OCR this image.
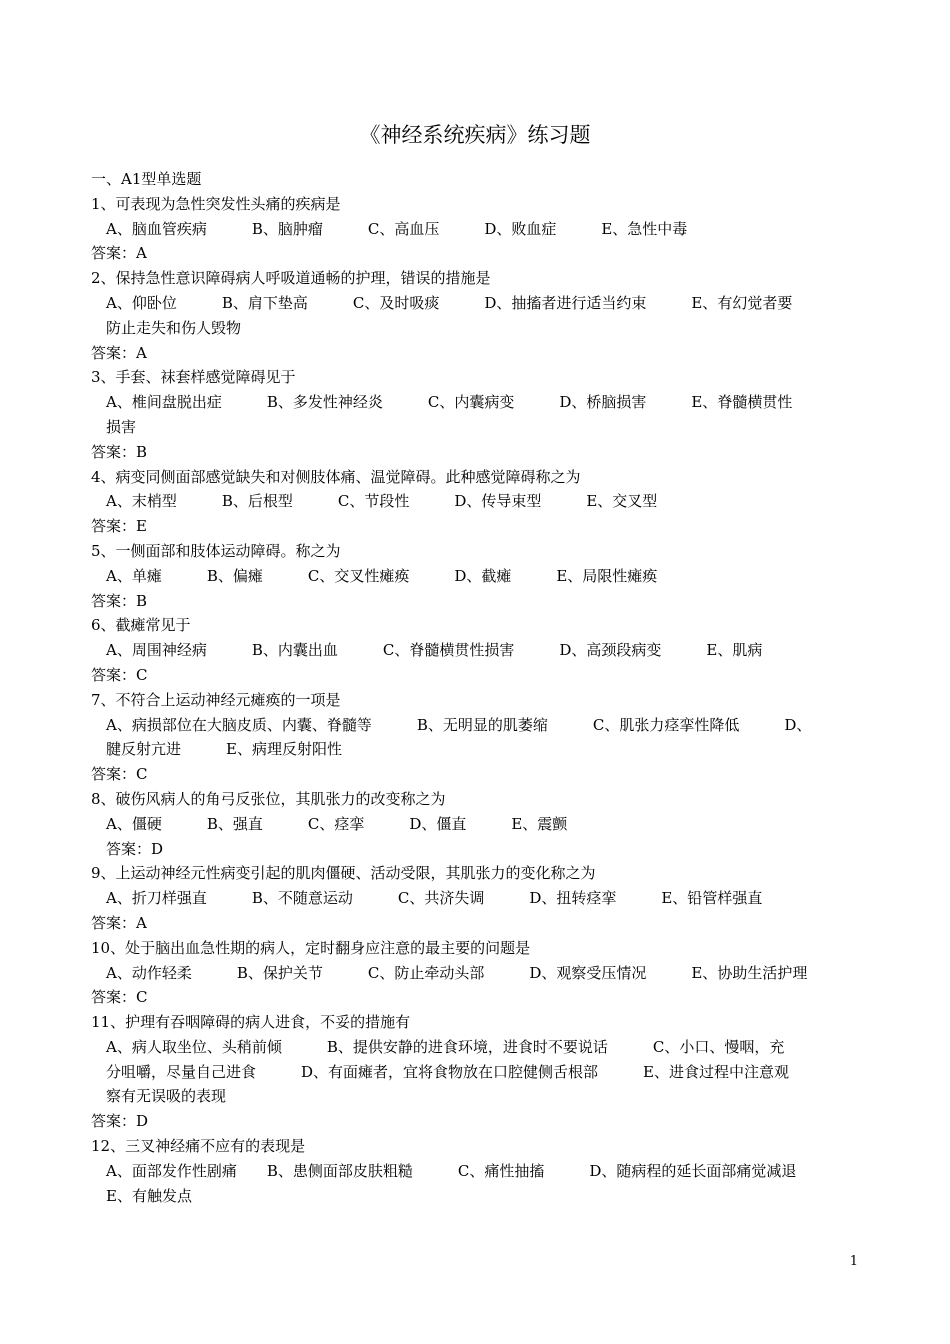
《神经系统疾病》练习题
一、A1型单选题
1、可表现为急性突发性头痛的疾病是
A、脑血管疾病　　　B、脑肿瘤　　　C、高血压　　　D、败血症　　　E、急性中毒
答案：A
2、保持急性意识障碍病人呼吸道通畅的护理，错误的措施是
A、仰卧位　　　B、肩下垫高　　　C、及时吸痰　　　D、抽搐者进行适当约束　　　E、有幻觉者要
防止走失和伤人毁物
答案：A
3、手套、袜套样感觉障碍见于
A、椎间盘脱出症　　　B、多发性神经炎　　　C、内囊病变　　　D、桥脑损害　　　E、脊髓横贯性
损害
答案：B
4、病变同侧面部感觉缺失和对侧肢体痛、温觉障碍。此种感觉障碍称之为
A、末梢型　　　B、后根型　　　C、节段性　　　D、传导束型　　　E、交叉型
答案：E
5、一侧面部和肢体运动障碍。称之为
A、单瘫　　　B、偏瘫　　　C、交叉性瘫痪　　　D、截瘫　　　E、局限性瘫痪
答案：B
6、截瘫常见于
A、周围神经病　　　B、内囊出血　　　C、脊髓横贯性损害　　　D、高颈段病变　　　E、肌病
答案：C
7、不符合上运动神经元瘫痪的一项是
A、病损部位在大脑皮质、内囊、脊髓等　　　B、无明显的肌萎缩　　　C、肌张力痉挛性降低　　　D、
腱反射亢进　　　E、病理反射阳性
答案：C
8、破伤风病人的角弓反张位，其肌张力的改变称之为
A、僵硬　　　B、强直　　　C、痉挛　　　D、僵直　　　E、震颤
答案：D
9、上运动神经元性病变引起的肌肉僵硬、活动受限，其肌张力的变化称之为
A、折刀样强直　　　B、不随意运动　　　C、共济失调　　　D、扭转痉挛　　　E、铅管样强直
答案：A
10、处于脑出血急性期的病人，定时翻身应注意的最主要的问题是
A、动作轻柔　　　B、保护关节　　　C、防止牵动头部　　　D、观察受压情况　　　E、协助生活护理
答案：C
11、护理有吞咽障碍的病人进食，不妥的措施有
A、病人取坐位、头稍前倾　　　B、提供安静的进食环境，进食时不要说话　　　C、小口、慢咽，充
分咀嚼，尽量自己进食　　　D、有面瘫者，宜将食物放在口腔健侧舌根部　　　E、进食过程中注意观
察有无误吸的表现
答案：D
12、三叉神经痛不应有的表现是
A、面部发作性剧痛　　B、患侧面部皮肤粗糙　　　C、痛性抽搐　　　D、随病程的延长面部痛觉减退
E、有触发点
1
